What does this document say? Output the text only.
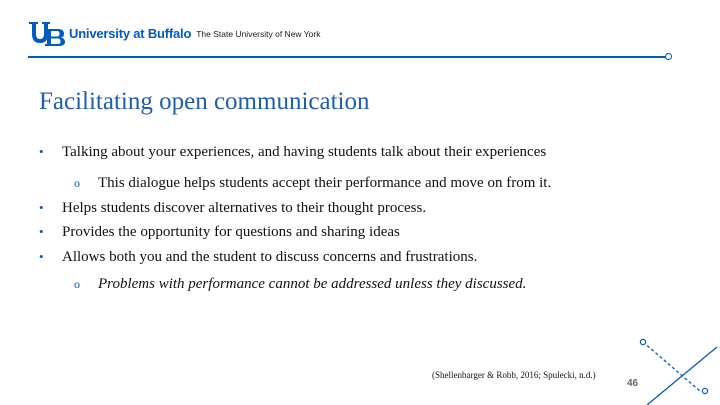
University at Buffalo The State University of New York
Facilitating open communication
• Talking about your experiences, and having students talk about their experiences
o This dialogue helps students accept their performance and move on from it.
• Helps students discover alternatives to their thought process.
• Provides the opportunity for questions and sharing ideas
• Allows both you and the student to discuss concerns and frustrations.
o Problems with performance cannot be addressed unless they discussed.
(Shellenbarger & Robb, 2016; Spulecki, n.d.)
46
